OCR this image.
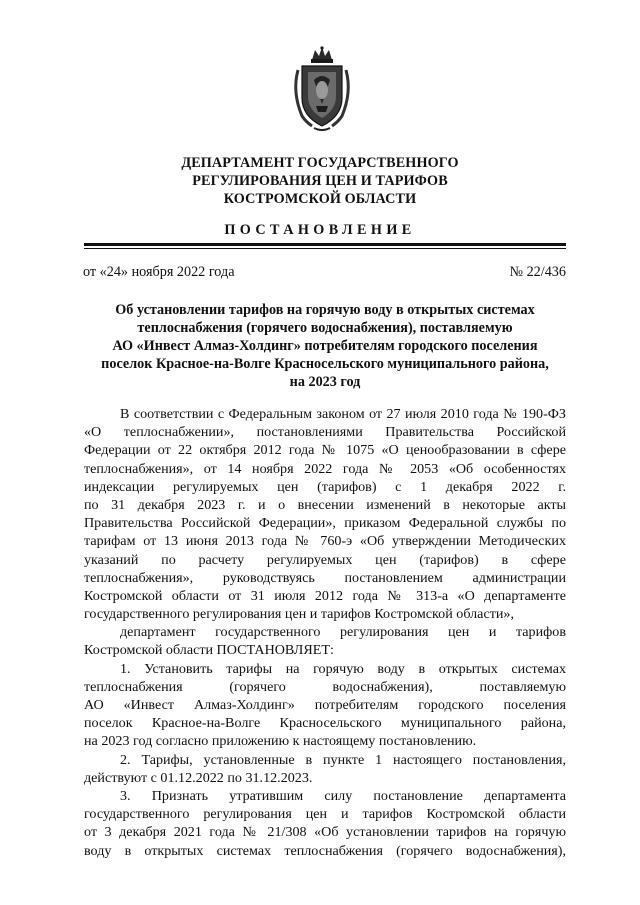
ДЕПАРТАМЕНТ ГОСУДАРСТВЕННОГО
РЕГУЛИРОВАНИЯ ЦЕН И ТАРИФОВ
КОСТРОМСКОЙ ОБЛАСТИ
ПОСТАНОВЛЕНИЕ
от «24» ноября 2022 года	№ 22/436
Об установлении тарифов на горячую воду в открытых системах
теплоснабжения (горячего водоснабжения), поставляемую
АО «Инвест Алмаз-Холдинг» потребителям городского поселения
поселок Красное-на-Волге Красносельского муниципального района,
на 2023 год
В соответствии с Федеральным законом от 27 июля 2010 года № 190-ФЗ
«О теплоснабжении», постановлениями Правительства Российской
Федерации от 22 октября 2012 года № 1075 «О ценообразовании в сфере
теплоснабжения», от 14 ноября 2022 года № 2053 «Об особенностях
индексации регулируемых цен (тарифов) с 1 декабря 2022 г.
по 31 декабря 2023 г. и о внесении изменений в некоторые акты
Правительства Российской Федерации», приказом Федеральной службы по
тарифам от 13 июня 2013 года № 760-э «Об утверждении Методических
указаний по расчету регулируемых цен (тарифов) в сфере
теплоснабжения», руководствуясь постановлением администрации
Костромской области от 31 июля 2012 года № 313-а «О департаменте
государственного регулирования цен и тарифов Костромской области»,
департамент государственного регулирования цен и тарифов
Костромской области ПОСТАНОВЛЯЕТ:
1. Установить тарифы на горячую воду в открытых системах
теплоснабжения (горячего водоснабжения), поставляемую
АО «Инвест Алмаз-Холдинг» потребителям городского поселения
поселок Красное-на-Волге Красносельского муниципального района,
на 2023 год согласно приложению к настоящему постановлению.
2. Тарифы, установленные в пункте 1 настоящего постановления,
действуют с 01.12.2022 по 31.12.2023.
3. Признать утратившим силу постановление департамента
государственного регулирования цен и тарифов Костромской области
от 3 декабря 2021 года № 21/308 «Об установлении тарифов на горячую
воду в открытых системах теплоснабжения (горячего водоснабжения),
